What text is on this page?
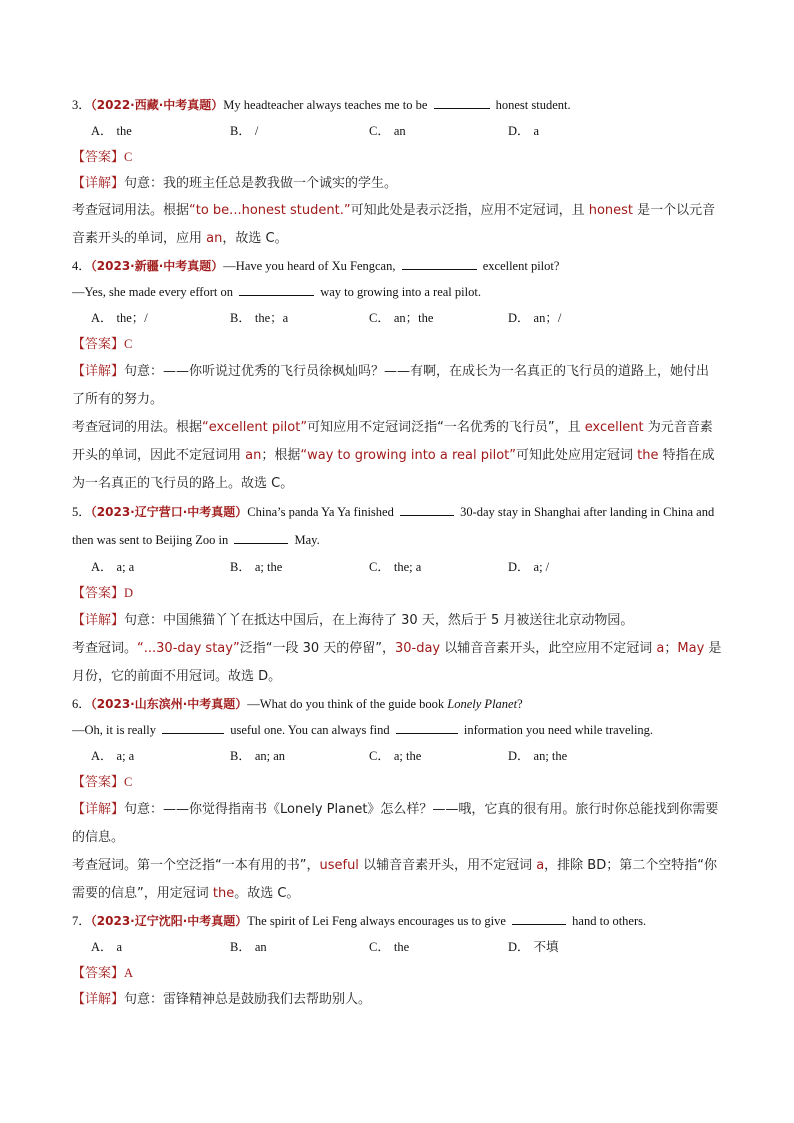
3．（2022·西藏·中考真题）My headteacher always teaches me to be	honest student.
A． the	B． /	C． an	D． a
【答案】C
【详解】句意：我的班主任总是教我做一个诚实的学生。
考查冠词用法。根据“to be...honest student.”可知此处是表示泛指，应用不定冠词，且 honest 是一个以元音音素开头的单词，应用 an，故选 C。
4．（2023·新疆·中考真题）—Have you heard of Xu Fengcan,	excellent pilot?
—Yes, she made every effort on	way to growing into a real pilot.
A． the；/	B． the；a	C． an；the	D． an；/
【答案】C
【详解】句意：——你听说过优秀的飞行员徐枫灿吗？——有啊，在成长为一名真正的飞行员的道路上，她付出了所有的努力。
考查冠词的用法。根据“excellent pilot”可知应用不定冠词泛指“一名优秀的飞行员”，且 excellent 为元音音素开头的单词，因此不定冠词用 an；根据“way to growing into a real pilot”可知此处应用定冠词 the 特指在成为一名真正的飞行员的路上。故选 C。
5．（2023·辽宁营口·中考真题）China’s panda Ya Ya finished	30-day stay in Shanghai after landing in China and then was sent to Beijing Zoo in	May.
A． a; a	B． a; the	C． the; a	D． a; /
【答案】D
【详解】句意：中国熊猫丫丫在抵达中国后，在上海待了 30 天，然后于 5 月被送往北京动物园。
考查冠词。“...30-day stay”泛指“一段 30 天的停留”，30-day 以辅音音素开头，此空应用不定冠词 a；May 是月份，它的前面不用冠词。故选 D。
6．（2023·山东滨州·中考真题）—What do you think of the guide book Lonely Planet?
—Oh, it is really	useful one. You can always find	information you need while traveling.
A． a; a	B． an; an	C． a; the	D． an; the
【答案】C
【详解】句意：——你觉得指南书《Lonely Planet》怎么样？——哦，它真的很有用。旅行时你总能找到你需要的信息。
考查冠词。第一个空泛指“一本有用的书”，useful 以辅音音素开头，用不定冠词 a，排除 BD；第二个空特指“你需要的信息”，用定冠词 the。故选 C。
7．（2023·辽宁沈阳·中考真题）The spirit of Lei Feng always encourages us to give	hand to others.
A． a	B． an	C． the	D． 不填
【答案】A
【详解】句意：雷锋精神总是鼓励我们去帮助别人。
